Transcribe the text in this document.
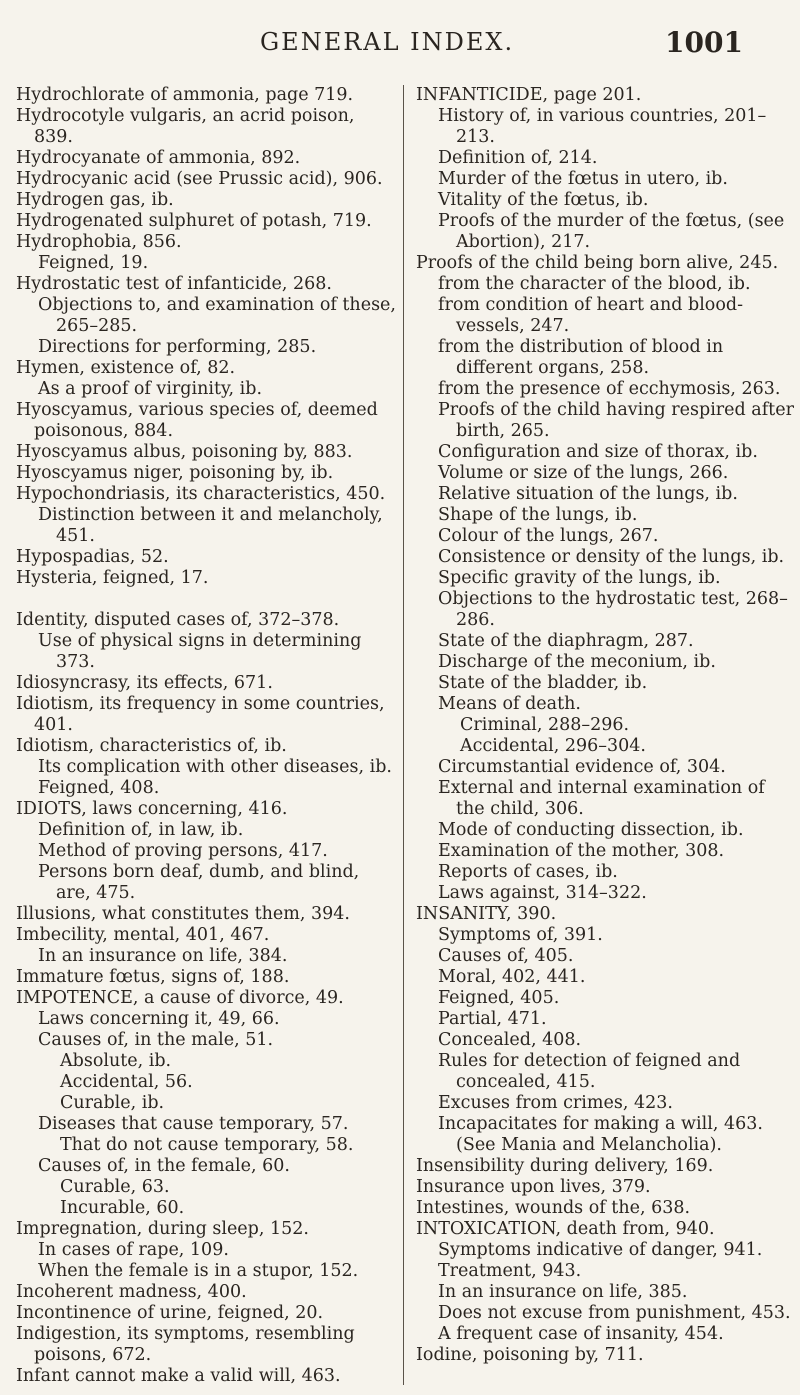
GENERAL INDEX.	1001

Hydrochlorate of ammonia, page 719.

Hydrocotyle vulgaris, an acrid poison, 839.

Hydrocyanate of ammonia, 892.

Hydrocyanic acid (see Prussic acid), 906.

Hydrogen gas, ib.

Hydrogenated sulphuret of potash, 719.

Hydrophobia, 856.

Feigned, 19.

Hydrostatic test of infanticide, 268.

Objections to, and examination of these, 265–285.

Directions for performing, 285.

Hymen, existence of, 82.

As a proof of virginity, ib.

Hyoscyamus, various species of, deemed poisonous, 884.

Hyoscyamus albus, poisoning by, 883.

Hyoscyamus niger, poisoning by, ib.

Hypochondriasis, its characteristics, 450.

Distinction between it and melancholy, 451.

Hypospadias, 52.

Hysteria, feigned, 17.

Identity, disputed cases of, 372–378.

Use of physical signs in determining 373.

Idiosyncrasy, its effects, 671.

Idiotism, its frequency in some countries, 401.

Idiotism, characteristics of, ib.

Its complication with other diseases, ib.

Feigned, 408.

IDIOTS, laws concerning, 416.

Definition of, in law, ib.

Method of proving persons, 417.

Persons born deaf, dumb, and blind, are, 475.

Illusions, what constitutes them, 394.

Imbecility, mental, 401, 467.

In an insurance on life, 384.

Immature fœtus, signs of, 188.

IMPOTENCE, a cause of divorce, 49.

Laws concerning it, 49, 66.

Causes of, in the male, 51.

Absolute, ib.

Accidental, 56.

Curable, ib.

Diseases that cause temporary, 57.

That do not cause temporary, 58.

Causes of, in the female, 60.

Curable, 63.

Incurable, 60.

Impregnation, during sleep, 152.

In cases of rape, 109.

When the female is in a stupor, 152.

Incoherent madness, 400.

Incontinence of urine, feigned, 20.

Indigestion, its symptoms, resembling poisons, 672.

Infant cannot make a valid will, 463.

INFANTICIDE, page 201.

History of, in various countries, 201–213.

Definition of, 214.

Murder of the fœtus in utero, ib.

Vitality of the fœtus, ib.

Proofs of the murder of the fœtus, (see Abortion), 217.

Proofs of the child being born alive, 245.

from the character of the blood, ib.

from condition of heart and blood-vessels, 247.

from the distribution of blood in different organs, 258.

from the presence of ecchymosis, 263.

Proofs of the child having respired after birth, 265.

Configuration and size of thorax, ib.

Volume or size of the lungs, 266.

Relative situation of the lungs, ib.

Shape of the lungs, ib.

Colour of the lungs, 267.

Consistence or density of the lungs, ib.

Specific gravity of the lungs, ib.

Objections to the hydrostatic test, 268–286.

State of the diaphragm, 287.

Discharge of the meconium, ib.

State of the bladder, ib.

Means of death.

Criminal, 288–296.

Accidental, 296–304.

Circumstantial evidence of, 304.

External and internal examination of the child, 306.

Mode of conducting dissection, ib.

Examination of the mother, 308.

Reports of cases, ib.

Laws against, 314–322.

INSANITY, 390.

Symptoms of, 391.

Causes of, 405.

Moral, 402, 441.

Feigned, 405.

Partial, 471.

Concealed, 408.

Rules for detection of feigned and concealed, 415.

Excuses from crimes, 423.

Incapacitates for making a will, 463. (See Mania and Melancholia).

Insensibility during delivery, 169.

Insurance upon lives, 379.

Intestines, wounds of the, 638.

INTOXICATION, death from, 940.

Symptoms indicative of danger, 941.

Treatment, 943.

In an insurance on life, 385.

Does not excuse from punishment, 453.

A frequent case of insanity, 454.

Iodine, poisoning by, 711.
